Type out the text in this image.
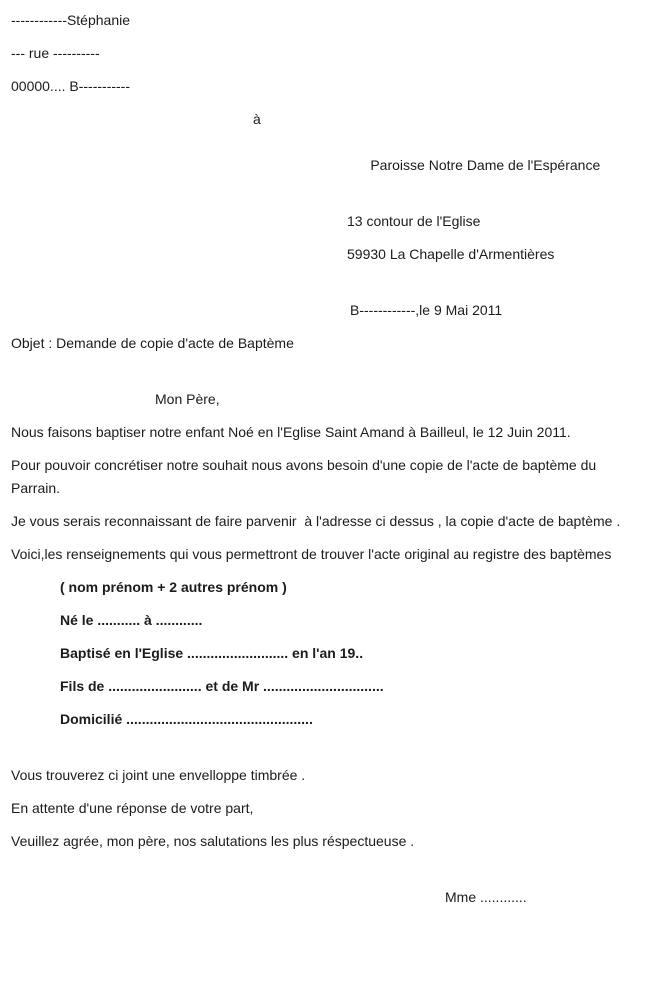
------------Stéphanie

--- rue ----------

00000.... B-----------

à

Paroisse Notre Dame de l'Espérance

13 contour de l'Eglise

59930 La Chapelle d'Armentières

B------------,le 9 Mai 2011

Objet : Demande de copie d'acte de Baptème

Mon Père,

Nous faisons baptiser notre enfant Noé en l'Eglise Saint Amand à Bailleul, le 12 Juin 2011.

Pour pouvoir concrétiser notre souhait nous avons besoin d'une copie de l'acte de baptème du Parrain.

Je vous serais reconnaissant de faire parvenir  à l'adresse ci dessus , la copie d'acte de baptème .

Voici,les renseignements qui vous permettront de trouver l'acte original au registre des baptèmes

( nom prénom + 2 autres prénom )

Né le ........... à ............

Baptisé en l'Eglise .......................... en l'an 19..

Fils de ........................ et de Mr ...............................

Domicilié ................................................

Vous trouverez ci joint une envelloppe timbrée .

En attente d'une réponse de votre part,

Veuillez agrée, mon père, nos salutations les plus réspectueuse .

Mme ............
